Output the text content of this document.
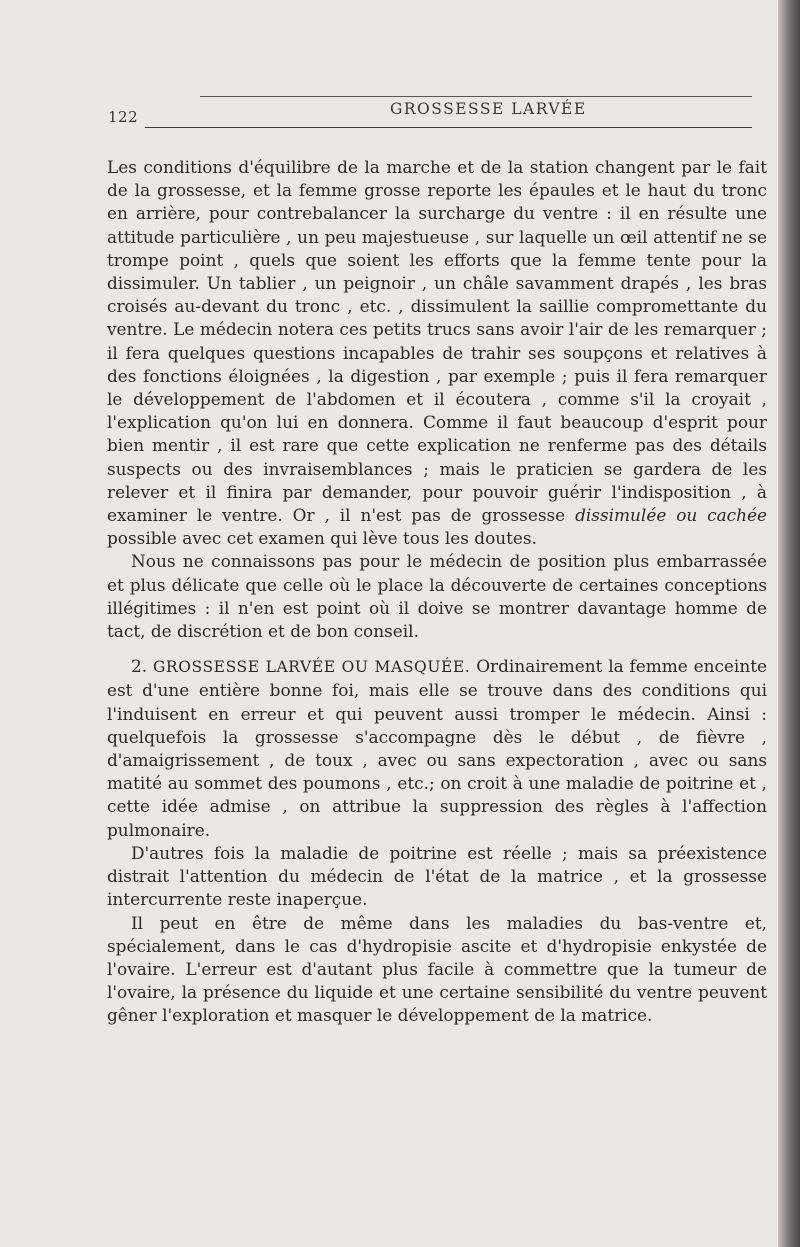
122	GROSSESSE LARVÉE

Les conditions d'équilibre de la marche et de la station changent par le fait de la grossesse, et la femme grosse reporte les épaules et le haut du tronc en arrière, pour contrebalancer la surcharge du ventre : il en résulte une attitude particulière , un peu majestueuse , sur laquelle un œil attentif ne se trompe point , quels que soient les efforts que la femme tente pour la dissimuler. Un tablier , un peignoir , un châle savamment drapés , les bras croisés au-devant du tronc , etc. , dissimulent la saillie compromettante du ventre. Le médecin notera ces petits trucs sans avoir l'air de les remarquer ; il fera quelques questions incapables de trahir ses soupçons et relatives à des fonctions éloignées , la digestion , par exemple ; puis il fera remarquer le développement de l'abdomen et il écoutera , comme s'il la croyait , l'explication qu'on lui en donnera. Comme il faut beaucoup d'esprit pour bien mentir , il est rare que cette explication ne renferme pas des détails suspects ou des invraisemblances ; mais le praticien se gardera de les relever et il finira par demander, pour pouvoir guérir l'indisposition , à examiner le ventre. Or , il n'est pas de grossesse dissimulée ou cachée possible avec cet examen qui lève tous les doutes.

Nous ne connaissons pas pour le médecin de position plus embarrassée et plus délicate que celle où le place la découverte de certaines conceptions illégitimes : il n'en est point où il doive se montrer davantage homme de tact, de discrétion et de bon conseil.

2. GROSSESSE LARVÉE OU MASQUÉE. Ordinairement la femme enceinte est d'une entière bonne foi, mais elle se trouve dans des conditions qui l'induisent en erreur et qui peuvent aussi tromper le médecin. Ainsi : quelquefois la grossesse s'accompagne dès le début , de fièvre , d'amaigrissement , de toux , avec ou sans expectoration , avec ou sans matité au sommet des poumons , etc.; on croit à une maladie de poitrine et , cette idée admise , on attribue la suppression des règles à l'affection pulmonaire.

D'autres fois la maladie de poitrine est réelle ; mais sa préexistence distrait l'attention du médecin de l'état de la matrice , et la grossesse intercurrente reste inaperçue.

Il peut en être de même dans les maladies du bas-ventre et, spécialement, dans le cas d'hydropisie ascite et d'hydropisie enkystée de l'ovaire. L'erreur est d'autant plus facile à commettre que la tumeur de l'ovaire, la présence du liquide et une certaine sensibilité du ventre peuvent gêner l'exploration et masquer le développement de la matrice.
